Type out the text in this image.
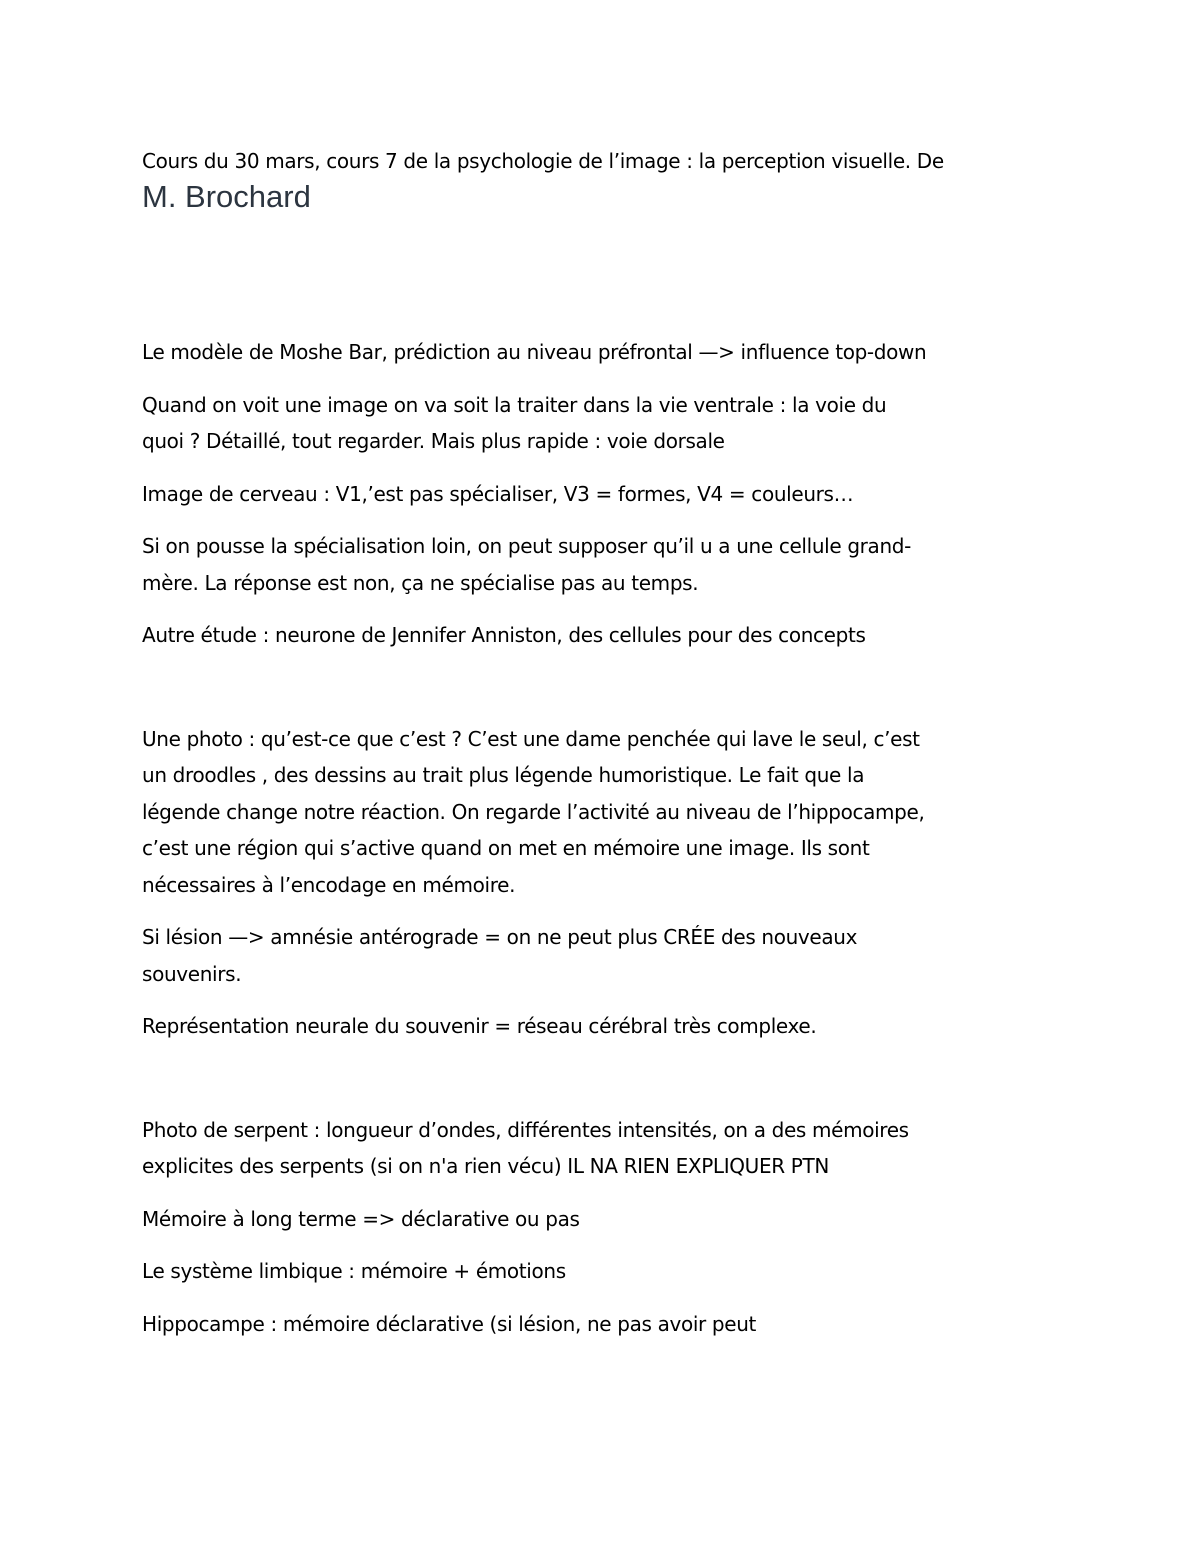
Cours du 30 mars, cours 7 de la psychologie de l’image : la perception visuelle. De

M. Brochard

Le modèle de Moshe Bar, prédiction au niveau préfrontal —> influence top-down

Quand on voit une image on va soit la traiter dans la vie ventrale : la voie du
quoi ? Détaillé, tout regarder. Mais plus rapide : voie dorsale

Image de cerveau : V1,’est pas spécialiser, V3 = formes, V4 = couleurs…

Si on pousse la spécialisation loin, on peut supposer qu’il u a une cellule grand-
mère. La réponse est non, ça ne spécialise pas au temps.

Autre étude : neurone de Jennifer Anniston, des cellules pour des concepts

Une photo : qu’est-ce que c’est ? C’est une dame penchée qui lave le seul, c’est
un droodles , des dessins au trait plus légende humoristique. Le fait que la
légende change notre réaction. On regarde l’activité au niveau de l’hippocampe,
c’est une région qui s’active quand on met en mémoire une image. Ils sont
nécessaires à l’encodage en mémoire.

Si lésion —> amnésie antérograde = on ne peut plus CRÉE des nouveaux
souvenirs.

Représentation neurale du souvenir = réseau cérébral très complexe.

Photo de serpent : longueur d’ondes, différentes intensités, on a des mémoires
explicites des serpents (si on n'a rien vécu) IL NA RIEN EXPLIQUER PTN

Mémoire à long terme => déclarative ou pas

Le système limbique : mémoire + émotions

Hippocampe : mémoire déclarative (si lésion, ne pas avoir peut
